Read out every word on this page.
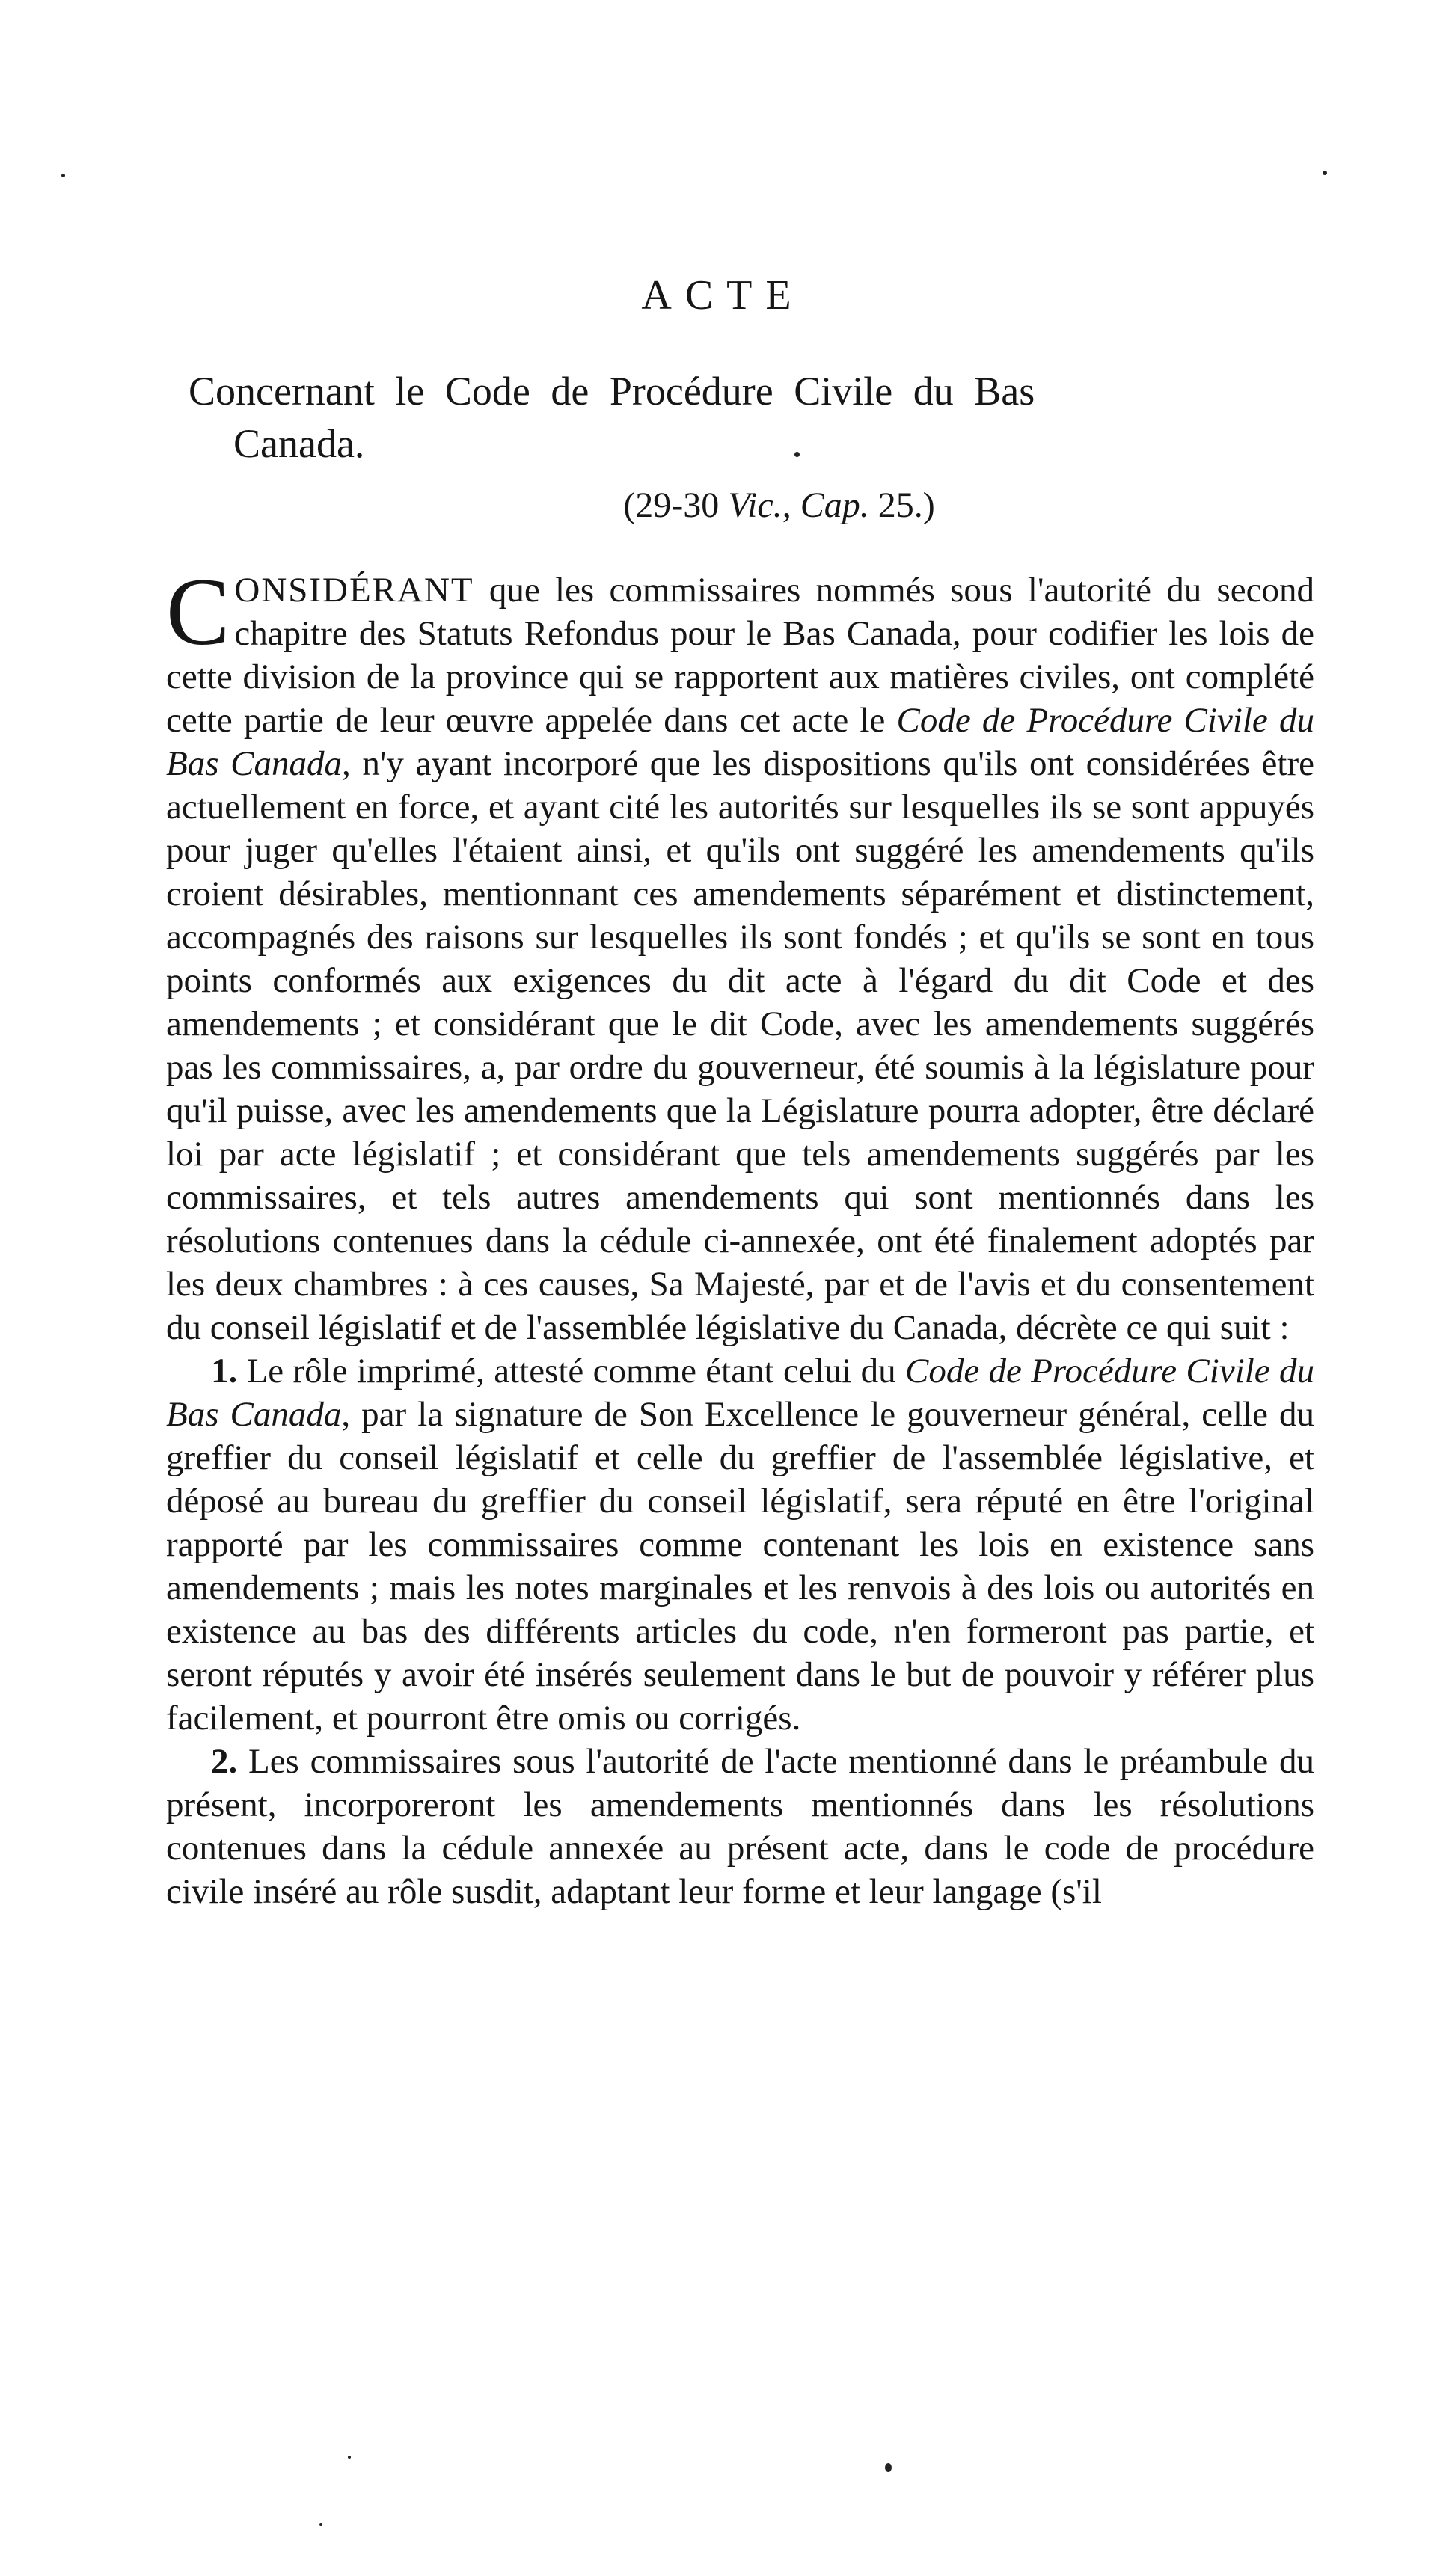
ACTE
Concernant le Code de Procédure Civile du Bas
Canada.
(29-30 Vic., Cap. 25.)

CONSIDÉRANT que les commissaires nommés sous l'autorité du second chapitre des Statuts Refondus pour le Bas Canada, pour codifier les lois de cette division de la province qui se rapportent aux matières civiles, ont complété cette partie de leur œuvre appelée dans cet acte le Code de Procédure Civile du Bas Canada, n'y ayant incorporé que les dispositions qu'ils ont considérées être actuellement en force, et ayant cité les autorités sur lesquelles ils se sont appuyés pour juger qu'elles l'étaient ainsi, et qu'ils ont suggéré les amendements qu'ils croient désirables, mentionnant ces amendements séparément et distinctement, accompagnés des raisons sur lesquelles ils sont fondés ; et qu'ils se sont en tous points conformés aux exigences du dit acte à l'égard du dit Code et des amendements ; et considérant que le dit Code, avec les amendements suggérés pas les commissaires, a, par ordre du gouverneur, été soumis à la législature pour qu'il puisse, avec les amendements que la Législature pourra adopter, être déclaré loi par acte législatif ; et considérant que tels amendements suggérés par les commissaires, et tels autres amendements qui sont mentionnés dans les résolutions contenues dans la cédule ci-annexée, ont été finalement adoptés par les deux chambres : à ces causes, Sa Majesté, par et de l'avis et du consentement du conseil législatif et de l'assemblée législative du Canada, décrète ce qui suit :

1. Le rôle imprimé, attesté comme étant celui du Code de Procédure Civile du Bas Canada, par la signature de Son Excellence le gouverneur général, celle du greffier du conseil législatif et celle du greffier de l'assemblée législative, et déposé au bureau du greffier du conseil législatif, sera réputé en être l'original rapporté par les commissaires comme contenant les lois en existence sans amendements ; mais les notes marginales et les renvois à des lois ou autorités en existence au bas des différents articles du code, n'en formeront pas partie, et seront réputés y avoir été insérés seulement dans le but de pouvoir y référer plus facilement, et pourront être omis ou corrigés.

2. Les commissaires sous l'autorité de l'acte mentionné dans le préambule du présent, incorporeront les amendements mentionnés dans les résolutions contenues dans la cédule annexée au présent acte, dans le code de procédure civile inséré au rôle susdit, adaptant leur forme et leur langage (s'il
